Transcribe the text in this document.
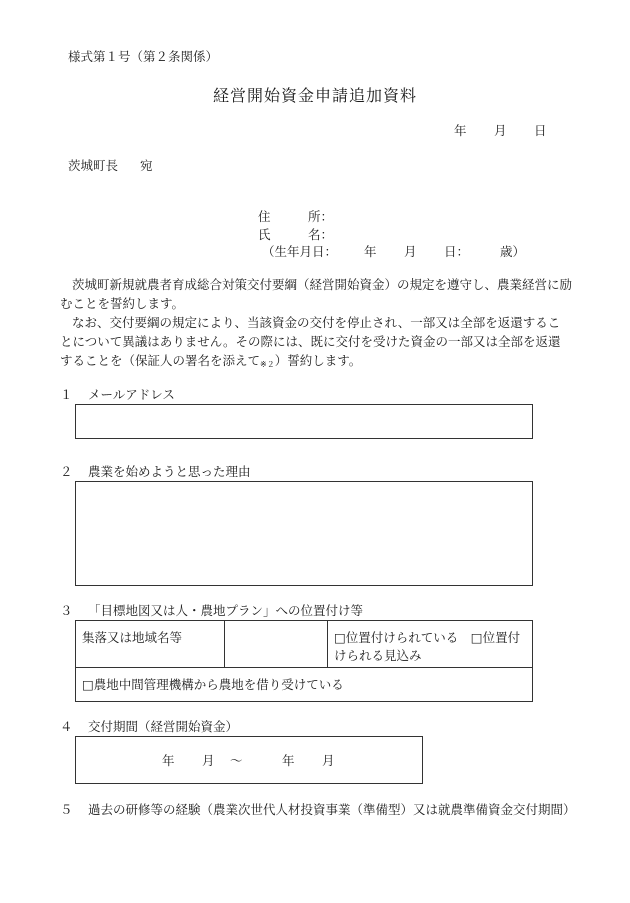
様式第１号（第２条関係）
経営開始資金申請追加資料
年 月 日
茨城町長 宛
住　　　所：
氏　　　名：
（生年月日： 年 月 日： 歳）

茨城町新規就農者育成総合対策交付要綱（経営開始資金）の規定を遵守し、農業経営に励むことを誓約します。

なお、交付要綱の規定により、当該資金の交付を停止され、一部又は全部を返還することについて異議はありません。その際には、既に交付を受けた資金の一部又は全部を返還することを（保証人の署名を添えて$_{※2}$）誓約します。

１ メールアドレス
２ 農業を始めようと思った理由
３ 「目標地図又は人・農地プラン」への位置付け等
集落又は地域名等		□位置付けられている　□位置付けられる見込み
□農地中間管理機構から農地を借り受けている
４ 交付期間（経営開始資金）
年 月 ～	年 月
５	過去の研修等の経験（農業次世代人材投資事業（準備型）又は就農準備資金交付期間）
